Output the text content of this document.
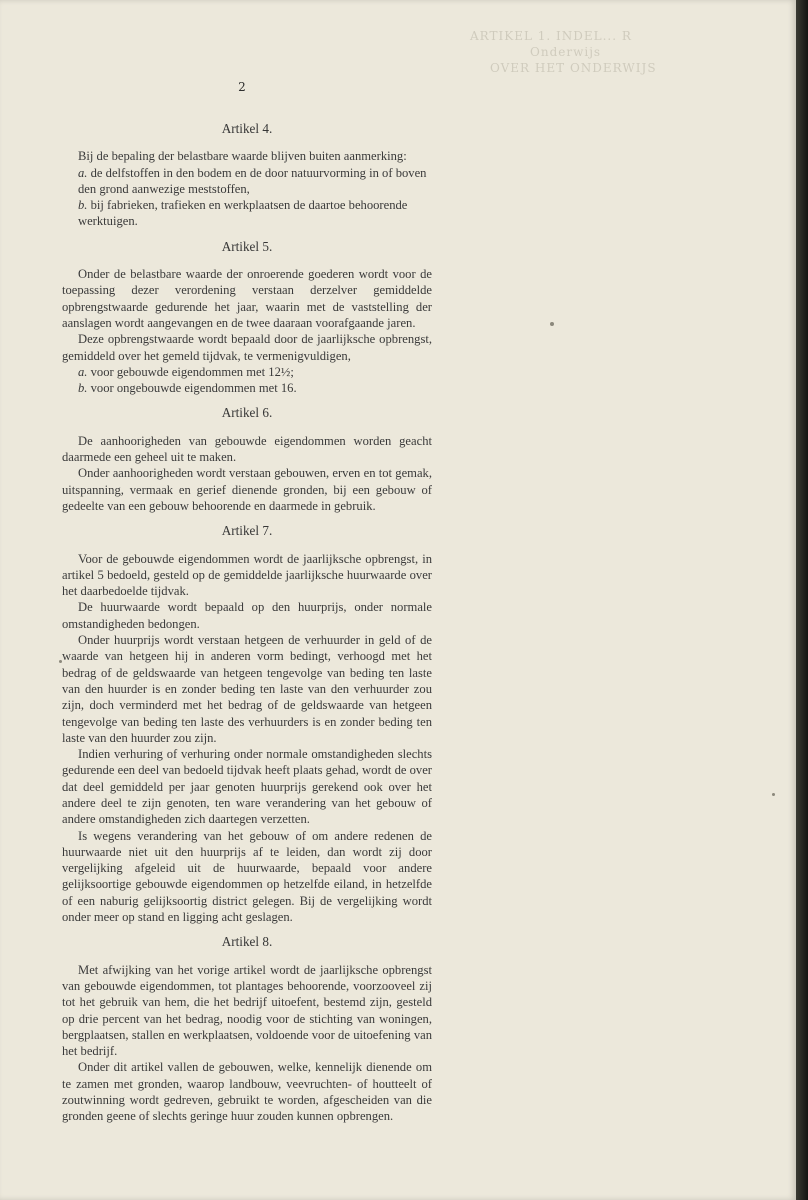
ARTIKEL 1. INDEL... R
Onderwijs
OVER HET ONDERWIJS
2
Artikel 4.

Bij de bepaling der belastbare waarde blijven buiten aanmerking:

a. de delfstoffen in den bodem en de door natuurvorming in of boven den grond aanwezige meststoffen,

b. bij fabrieken, trafieken en werkplaatsen de daartoe behoorende werktuigen.

Artikel 5.

Onder de belastbare waarde der onroerende goederen wordt voor de toepassing dezer verordening verstaan derzelver gemiddelde opbrengstwaarde gedurende het jaar, waarin met de vaststelling der aanslagen wordt aangevangen en de twee daaraan voorafgaande jaren.

Deze opbrengstwaarde wordt bepaald door de jaarlijksche opbrengst, gemiddeld over het gemeld tijdvak, te vermenigvuldigen,

a. voor gebouwde eigendommen met 12½;

b. voor ongebouwde eigendommen met 16.

Artikel 6.

De aanhoorigheden van gebouwde eigendommen worden geacht daarmede een geheel uit te maken.

Onder aanhoorigheden wordt verstaan gebouwen, erven en tot gemak, uitspanning, vermaak en gerief dienende gronden, bij een gebouw of gedeelte van een gebouw behoorende en daarmede in gebruik.

Artikel 7.

Voor de gebouwde eigendommen wordt de jaarlijksche opbrengst, in artikel 5 bedoeld, gesteld op de gemiddelde jaarlijksche huurwaarde over het daarbedoelde tijdvak.

De huurwaarde wordt bepaald op den huurprijs, onder normale omstandigheden bedongen.

Onder huurprijs wordt verstaan hetgeen de verhuurder in geld of de waarde van hetgeen hij in anderen vorm bedingt, verhoogd met het bedrag of de geldswaarde van hetgeen tengevolge van beding ten laste van den huurder is en zonder beding ten laste van den verhuurder zou zijn, doch verminderd met het bedrag of de geldswaarde van hetgeen tengevolge van beding ten laste des verhuurders is en zonder beding ten laste van den huurder zou zijn.

Indien verhuring of verhuring onder normale omstandigheden slechts gedurende een deel van bedoeld tijdvak heeft plaats gehad, wordt de over dat deel gemiddeld per jaar genoten huurprijs gerekend ook over het andere deel te zijn genoten, ten ware verandering van het gebouw of andere omstandigheden zich daartegen verzetten.

Is wegens verandering van het gebouw of om andere redenen de huurwaarde niet uit den huurprijs af te leiden, dan wordt zij door vergelijking afgeleid uit de huurwaarde, bepaald voor andere gelijksoortige gebouwde eigendommen op hetzelfde eiland, in hetzelfde of een naburig gelijksoortig district gelegen. Bij de vergelijking wordt onder meer op stand en ligging acht geslagen.

Artikel 8.

Met afwijking van het vorige artikel wordt de jaarlijksche opbrengst van gebouwde eigendommen, tot plantages behoorende, voorzooveel zij tot het gebruik van hem, die het bedrijf uitoefent, bestemd zijn, gesteld op drie percent van het bedrag, noodig voor de stichting van woningen, bergplaatsen, stallen en werkplaatsen, voldoende voor de uitoefening van het bedrijf.

Onder dit artikel vallen de gebouwen, welke, kennelijk dienende om te zamen met gronden, waarop landbouw, veevruchten- of houtteelt of zoutwinning wordt gedreven, gebruikt te worden, afgescheiden van die gronden geene of slechts geringe huur zouden kunnen opbrengen.
